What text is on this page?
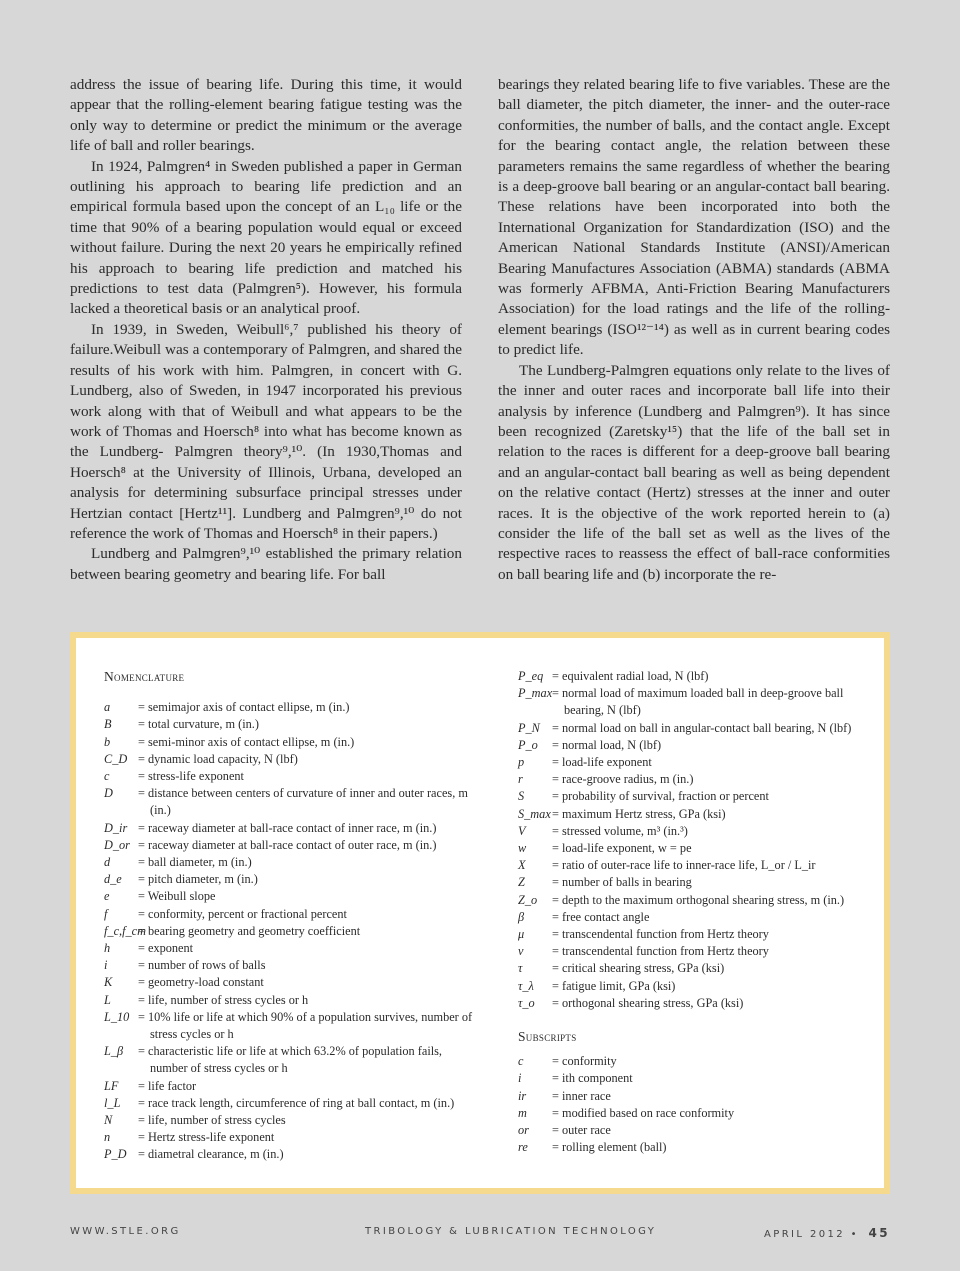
address the issue of bearing life. During this time, it would appear that the rolling-element bearing fatigue testing was the only way to determine or predict the minimum or the average life of ball and roller bearings.

In 1924, Palmgren⁴ in Sweden published a paper in German outlining his approach to bearing life prediction and an empirical formula based upon the concept of an L₁₀ life or the time that 90% of a bearing population would equal or exceed without failure. During the next 20 years he empirically refined his approach to bearing life prediction and matched his predictions to test data (Palmgren⁵). However, his formula lacked a theoretical basis or an analytical proof.

In 1939, in Sweden, Weibull⁶,⁷ published his theory of failure.Weibull was a contemporary of Palmgren, and shared the results of his work with him. Palmgren, in concert with G. Lundberg, also of Sweden, in 1947 incorporated his previous work along with that of Weibull and what appears to be the work of Thomas and Hoersch⁸ into what has become known as the Lundberg- Palmgren theory⁹,¹⁰. (In 1930,Thomas and Hoersch⁸ at the University of Illinois, Urbana, developed an analysis for determining subsurface principal stresses under Hertzian contact [Hertz¹¹]. Lundberg and Palmgren⁹,¹⁰ do not reference the work of Thomas and Hoersch⁸ in their papers.)

Lundberg and Palmgren⁹,¹⁰ established the primary relation between bearing geometry and bearing life. For ball

bearings they related bearing life to five variables. These are the ball diameter, the pitch diameter, the inner- and the outer-race conformities, the number of balls, and the contact angle. Except for the bearing contact angle, the relation between these parameters remains the same regardless of whether the bearing is a deep-groove ball bearing or an angular-contact ball bearing. These relations have been incorporated into both the International Organization for Standardization (ISO) and the American National Standards Institute (ANSI)/American Bearing Manufactures Association (ABMA) standards (ABMA was formerly AFBMA, Anti-Friction Bearing Manufacturers Association) for the load ratings and the life of the rolling-element bearings (ISO¹²⁻¹⁴) as well as in current bearing codes to predict life.

The Lundberg-Palmgren equations only relate to the lives of the inner and outer races and incorporate ball life into their analysis by inference (Lundberg and Palmgren⁹). It has since been recognized (Zaretsky¹⁵) that the life of the ball set in relation to the races is different for a deep-groove ball bearing and an angular-contact ball bearing as well as being dependent on the relative contact (Hertz) stresses at the inner and outer races. It is the objective of the work reported herein to (a) consider the life of the ball set as well as the lives of the respective races to reassess the effect of ball-race conformities on ball bearing life and (b) incorporate the re-

Nomenclature
a	= semimajor axis of contact ellipse, m (in.)
B	= total curvature, m (in.)
b	= semi-minor axis of contact ellipse, m (in.)
C_D = dynamic load capacity, N (lbf)
c	= stress-life exponent
D	= distance between centers of curvature of inner and outer races, m (in.)
D_ir = raceway diameter at ball-race contact of inner race, m (in.)
D_or = raceway diameter at ball-race contact of outer race, m (in.)
d	= ball diameter, m (in.)
d_e	= pitch diameter, m (in.)
e	= Weibull slope
f	= conformity, percent or fractional percent
f_c,f_cm
= bearing geometry and geometry coefficient
h	= exponent
i	= number of rows of balls
K	= geometry-load constant
L	= life, number of stress cycles or h
L_10 = 10% life or life at which 90% of a population survives, number of stress cycles or h
L_β	= characteristic life or life at which 63.2% of population fails, number of stress cycles or h
LF	= life factor
l_L	= race track length, circumference of ring at ball contact, m (in.)
N	= life, number of stress cycles
n	= Hertz stress-life exponent
P_D = diametral clearance, m (in.)
P_eq = equivalent radial load, N (lbf)
P_max = normal load of maximum loaded ball in deep-groove ball bearing, N (lbf)
P_N = normal load on ball in angular-contact ball bearing, N (lbf)
P_o	= normal load, N (lbf)
p	= load-life exponent
r	= race-groove radius, m (in.)
S	= probability of survival, fraction or percent
S_max = maximum Hertz stress, GPa (ksi)
V	= stressed volume, m³ (in.³)
w	= load-life exponent, w = pe
X	= ratio of outer-race life to inner-race life, L_or / L_ir
Z	= number of balls in bearing
Z_o	= depth to the maximum orthogonal shearing stress, m (in.)
β	= free contact angle
μ	= transcendental function from Hertz theory
ν	= transcendental function from Hertz theory
τ	= critical shearing stress, GPa (ksi)
τ_λ	= fatigue limit, GPa (ksi)
τ_o	= orthogonal shearing stress, GPa (ksi)
Subscripts
c	= conformity
i	= ith component
ir	= inner race
m	= modified based on race conformity
or	= outer race
re	= rolling element (ball)
WWW.STLE.ORG	TRIBOLOGY & LUBRICATION TECHNOLOGY	APRIL 2012 • 45
